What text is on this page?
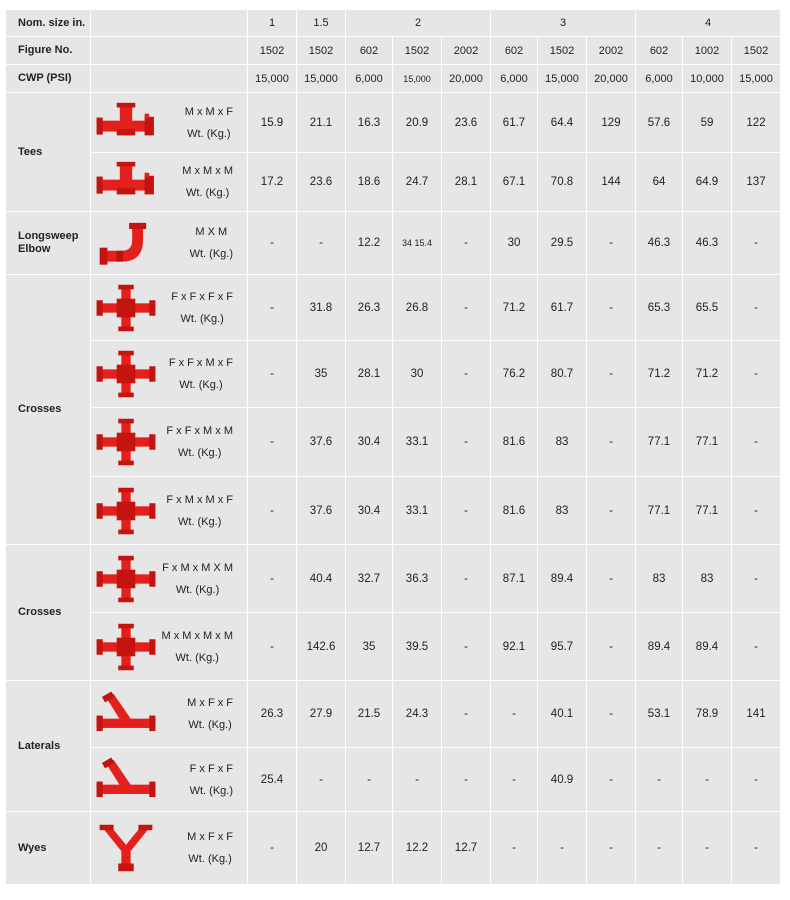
Nom. size in.		1	1.5	2			3			4		
Figure No.		1502	1502	602	1502	2002	602	1502	2002	602	1002	1502
CWP (PSI)		15,000	15,000	6,000	15,000	20,000	6,000	15,000	20,000	6,000	10,000	15,000
Tees	M x M x F
Wt. (Kg.)	15.9	21.1	16.3	20.9	23.6	61.7	64.4	129	57.6	59	122

	M x M x M
Wt. (Kg.)	17.2	23.6	18.6	24.7	28.1	67.1	70.8	144	64	64.9	137
Longsweep Elbow	M X M
Wt. (Kg.)	-	-	12.2	34 15.4	-	30	29.5	-	46.3	46.3	-
Crosses	F x F x F x F
Wt. (Kg.)	-	31.8	26.3	26.8	-	71.2	61.7	-	65.3	65.5	-

	F x F x M x F
Wt. (Kg.)	-	35	28.1	30	-	76.2	80.7	-	71.2	71.2	-

	F x F x M x M
Wt. (Kg.)	-	37.6	30.4	33.1	-	81.6	83	-	77.1	77.1	-

	F x M x M x F
Wt. (Kg.)	-	37.6	30.4	33.1	-	81.6	83	-	77.1	77.1	-
Crosses	F x M x M X M
Wt. (Kg.)	-	40.4	32.7	36.3	-	87.1	89.4	-	83	83	-

	M x M x M x M
Wt. (Kg.)	-	142.6	35	39.5	-	92.1	95.7	-	89.4	89.4	-
Laterals	M x F x F
Wt. (Kg.)	26.3	27.9	21.5	24.3	-	-	40.1	-	53.1	78.9	141

	F x F x F
Wt. (Kg.)	25.4	-	-	-	-	-	40.9	-	-	-	-
Wyes	M x F x F
Wt. (Kg.)	-	20	12.7	12.2	12.7	-	-	-	-	-	-
